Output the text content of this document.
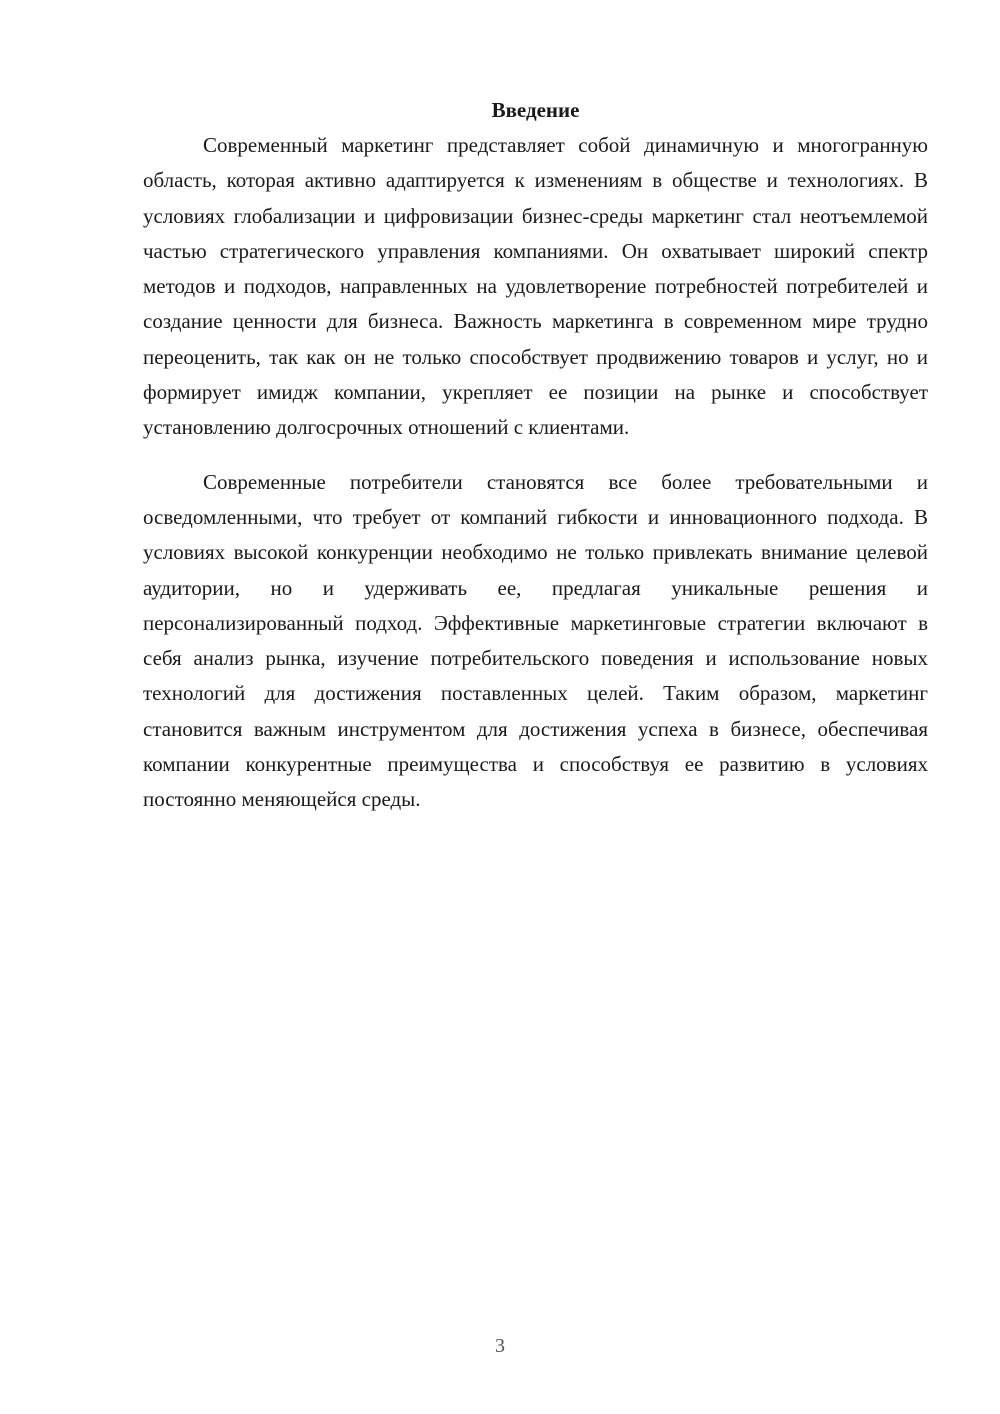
Введение

Современный маркетинг представляет собой динамичную и многогранную область, которая активно адаптируется к изменениям в обществе и технологиях. В условиях глобализации и цифровизации бизнес-среды маркетинг стал неотъемлемой частью стратегического управления компаниями. Он охватывает широкий спектр методов и подходов, направленных на удовлетворение потребностей потребителей и создание ценности для бизнеса. Важность маркетинга в современном мире трудно переоценить, так как он не только способствует продвижению товаров и услуг, но и формирует имидж компании, укрепляет ее позиции на рынке и способствует установлению долгосрочных отношений с клиентами.

Современные потребители становятся все более требовательными и осведомленными, что требует от компаний гибкости и инновационного подхода. В условиях высокой конкуренции необходимо не только привлекать внимание целевой аудитории, но и удерживать ее, предлагая уникальные решения и персонализированный подход. Эффективные маркетинговые стратегии включают в себя анализ рынка, изучение потребительского поведения и использование новых технологий для достижения поставленных целей. Таким образом, маркетинг становится важным инструментом для достижения успеха в бизнесе, обеспечивая компании конкурентные преимущества и способствуя ее развитию в условиях постоянно меняющейся среды.

3
